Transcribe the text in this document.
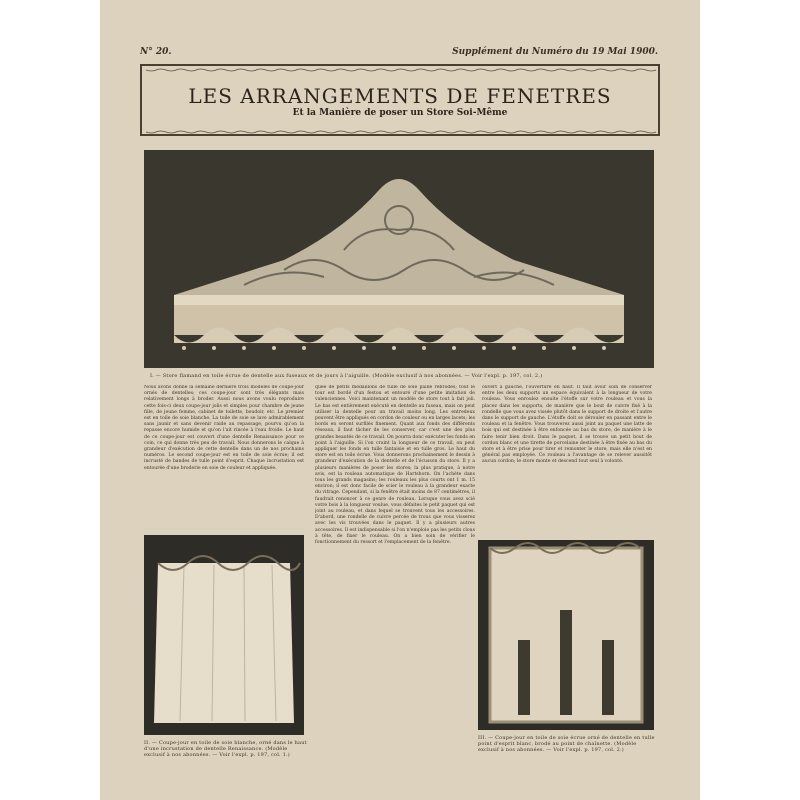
N° 20.	Supplément du Numéro du 19 Mai 1900.
LES ARRANGEMENTS DE FENETRES
Et la Manière de poser un Store Soi-Même
I. — Store flamand en toile écrue de dentelle aux fuseaux et de jours à l'aiguille. (Modèle exclusif à nos abonnées. — Voir l'expl. p. 197, col. 2.)
Nous avons donné la semaine dernière trois modèles de coupe-jour ornés de dentelles; ces coupe-jour sont très élégants mais relativement longs à broder. Aussi nous avons voulu reproduire cette fois-ci deux coupe-jour jolis et simples pour chambre de jeune fille, de jeune femme, cabinet de toilette, boudoir, etc. Le premier est en toile de soie blanche. La toile de soie se lave admirablement sans jaunir et sans devenir raide au repassage, pourvu qu'on la repasse encore humide et qu'on l'ait rincée à l'eau froide. Le haut de ce coupe-jour est couvert d'une dentelle Renaissance pour ce coin, ce qui donne très peu de travail. Nous donnerons le calque à grandeur d'exécution de cette dentelle dans un de nos prochains numéros. Le second coupe-jour est en toile de soie écrue; il est incrusté de bandes de tulle point d'esprit. Chaque incrustation est entourée d'une broderie en soie de couleur et appliquée.
quée de petits médaillons de tulle de soie paille rebrodés; tout le tour est bordé d'un festou et entouré d'une petite imitation de valenciennes. Voici maintenant un modèle de store tout à fait joli. Le bas est entièrement exécuté en dentelle au fuseau, mais on peut utiliser la dentelle pour un travail moins long. Les entredeux peuvent être appliqués en cordon de couleur ou en larges lacets; les bords en seront surfilés finement. Quant aux fonds des différents réseaux, il faut tâcher de les conserver, car c'est une des plus grandes beautés de ce travail. On pourra donc exécuter les fonds en point à l'aiguille. Si l'on craint la longueur de ce travail, on peut appliquer les fonds en tulle fantaisie et en tulle gros. Le haut du store est en toile écrue. Vous donnerons prochainement le dessin à grandeur d'exécution de la dentelle et de l'écusson du store. Il y a plusieurs manières de poser les stores; la plus pratique, à notre avis, est la rouleau automatique de Hartshorn. On l'achète dans tous les grands magasins; les rouleaux les plus courts ont 1 m. 15 environ; il est donc facile de scier le rouleau à la grandeur exacte du vitrage. Cependant, si la fenêtre était moins de 87 centimètres, il faudrait renoncer à ce genre de rouleau. Lorsque vous avez scié votre bois à la longueur voulue, vous défaites le petit paquet qui est joint au rouleau, et dans lequel se trouvent tous les accessoires. D'abord, une rondelle de cuivre percée de trous que vous visserez avec les vis trouvées dans le paquet. Il y a plusieurs autres accessoires. Il est indispensable si l'on n'emploie pas les petits clous à tête, de fixer le rouleau. On a bien soin de vérifier le fonctionnement du ressort et l'emplacement de la fenêtre.
ouvert à gauche, l'ouverture en haut. Il faut avoir soin de conserver entre les deux supports un espace équivalent à la longueur de votre rouleau. Vous enroulez ensuite l'étoffe sur votre rouleau et vous la placez dans les supports, de manière que le bout de cuivre fixé à la rondelle que vous avez vissée plutôt dans le support de droite et l'autre dans le support de gauche. L'étoffe doit se dérouler en passant entre le rouleau et la fenêtre. Vous trouverez aussi joint au paquet une latte de bois qui est destinée à être enfoncée au bas du store, de manière à le faire tenir bien droit. Dans le paquet, il se trouve un petit bout de cordon blanc et une tirette de porcelaine destinée à être fixée au bas du store et à être prise pour tirer et remonter le store, mais elle n'est en général pas employée. Ce rouleau a l'avantage de se relever aussitôt aucun cordon; le store monte et descend tout seul à volonté.
II. — Coupe-jour en toile de soie blanche, orné dans le haut d'une incrustation de dentelle Renaissance. (Modèle exclusif à nos abonnées. — Voir l'expl. p. 197, col. 1.)
III. — Coupe-jour en toile de soie écrue orné de dentelle en tulle point d'esprit blanc, brodé au point de chaînette. (Modèle exclusif à nos abonnées. — Voir l'expl. p. 197, col. 2.)
